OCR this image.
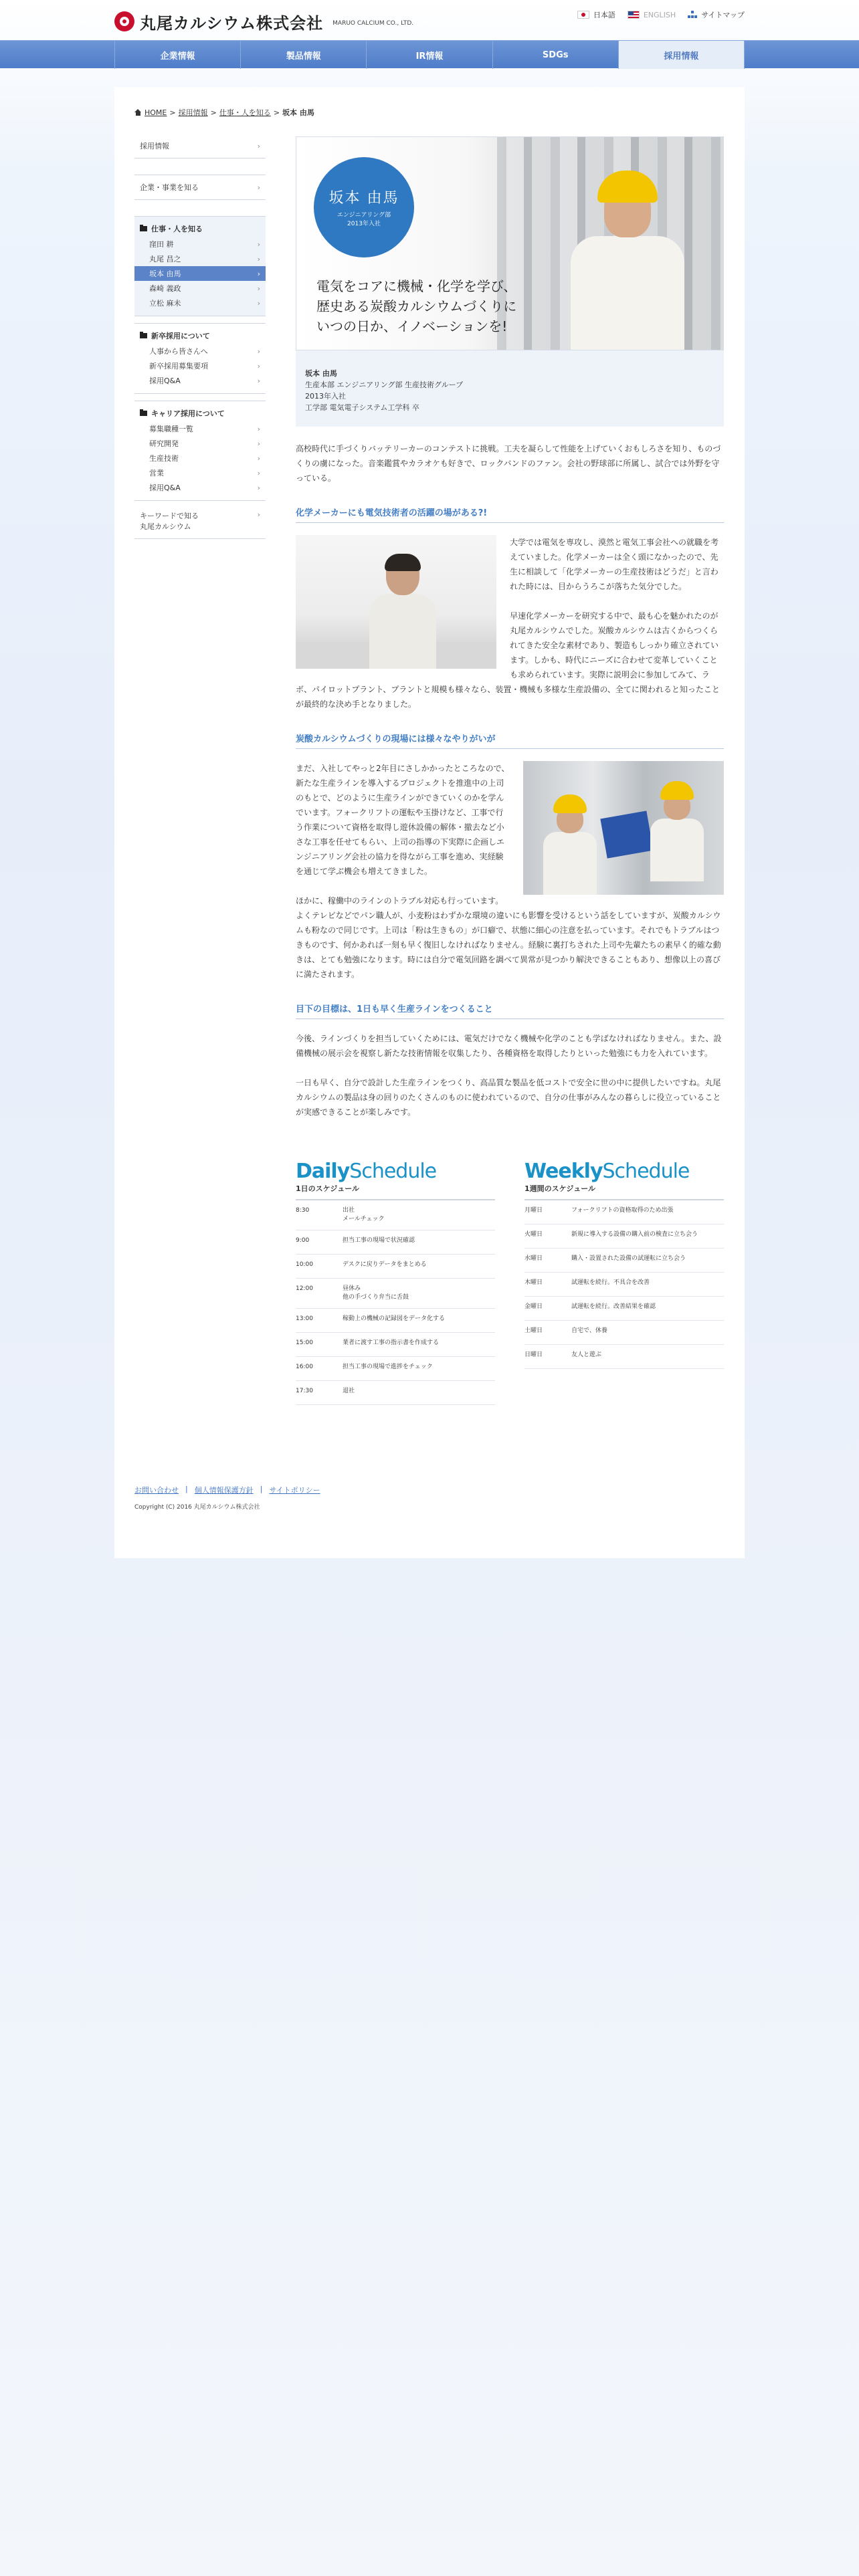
丸尾カルシウム株式会社 MARUO CALCIUM CO., LTD.
日本語	ENGLISH	サイトマップ
企業情報	製品情報	IR情報	SDGs	採用情報
HOME > 採用情報 > 仕事・人を知る > 坂本 由馬
採用情報	›
企業・事業を知る	›
仕事・人を知る
窪田 耕	›
丸尾 昌之	›
坂本 由馬	›
森崎 義政	›
立松 麻未	›
新卒採用について
人事から皆さんへ	›
新卒採用募集要項	›
採用Q&A	›
キャリア採用について
募集職種一覧	›
研究開発	›
生産技術	›
営業	›
採用Q&A	›
キーワードで知る
丸尾カルシウム
›
坂本 由馬
エンジニアリング部
2013年入社
電気をコアに機械・化学を学び、
歴史ある炭酸カルシウムづくりに
いつの日か、イノベーションを!
坂本 由馬
生産本部 エンジニアリング部 生産技術グループ
2013年入社
工学部 電気電子システム工学科 卒

高校時代に手づくりバッテリーカーのコンテストに挑戦。工夫を凝らして性能を上げていくおもしろさを知り、ものづくりの虜になった。音楽鑑賞やカラオケも好きで、ロックバンドのファン。会社の野球部に所属し、試合では外野を守っている。

化学メーカーにも電気技術者の活躍の場がある?!

大学では電気を専攻し、漠然と電気工事会社への就職を考えていました。化学メーカーは全く頭になかったので、先生に相談して「化学メーカーの生産技術はどうだ」と言われた時には、目からうろこが落ちた気分でした。

早速化学メーカーを研究する中で、最も心を魅かれたのが丸尾カルシウムでした。炭酸カルシウムは古くからつくられてきた安全な素材であり、製造もしっかり確立されています。しかも、時代にニーズに合わせて変革していくことも求められています。実際に説明会に参加してみて、ラボ、パイロットプラント、プラントと規模も様々なら、装置・機械も多様な生産設備の、全てに関われると知ったことが最終的な決め手となりました。

炭酸カルシウムづくりの現場には様々なやりがいが

まだ、入社してやっと2年目にさしかかったところなので、新たな生産ラインを導入するプロジェクトを推進中の上司のもとで、どのように生産ラインができていくのかを学んでいます。フォークリフトの運転や玉掛けなど、工事で行う作業について資格を取得し遊休設備の解体・撤去など小さな工事を任せてもらい、上司の指導の下実際に企画しエンジニアリング会社の協力を得ながら工事を進め、実経験を通じて学ぶ機会も増えてきました。

ほかに、稼働中のラインのトラブル対応も行っています。よくテレビなどでパン職人が、小麦粉はわずかな環境の違いにも影響を受けるという話をしていますが、炭酸カルシウムも粉なので同じです。上司は「粉は生きもの」が口癖で、状態に細心の注意を払っています。それでもトラブルはつきものです、何かあれば一刻も早く復旧しなければなりません。経験に裏打ちされた上司や先輩たちの素早く的確な動きは、とても勉強になります。時には自分で電気回路を調べて異常が見つかり解決できることもあり、想像以上の喜びに満たされます。

目下の目標は、1日も早く生産ラインをつくること

今後、ラインづくりを担当していくためには、電気だけでなく機械や化学のことも学ばなければなりません。また、設備機械の展示会を視察し新たな技術情報を収集したり、各種資格を取得したりといった勉強にも力を入れています。

一日も早く、自分で設計した生産ラインをつくり、高品質な製品を低コストで安全に世の中に提供したいですね。丸尾カルシウムの製品は身の回りのたくさんのものに使われているので、自分の仕事がみんなの暮らしに役立っていることが実感できることが楽しみです。

DailySchedule
1日のスケジュール
8:30	出社
メールチェック
9:00	担当工事の現場で状況確認
10:00	デスクに戻りデータをまとめる
12:00	昼休み
他の手づくり弁当に舌鼓
13:00	稼動上の機械の記録図をデータ化する
15:00	業者に渡す工事の指示書を作成する
16:00	担当工事の現場で進捗をチェック
17:30	退社
WeeklySchedule
1週間のスケジュール
月曜日	フォークリフトの資格取得のため出張
火曜日	新規に導入する設備の購入前の検査に立ち会う
水曜日	購入・設置された設備の試運転に立ち会う
木曜日	試運転を続行。不具合を改善
金曜日	試運転を続行。改善結果を確認
土曜日	自宅で、休養
日曜日	友人と遊ぶ
お問い合わせ | 個人情報保護方針 | サイトポリシー
Copyright (C) 2016 丸尾カルシウム株式会社
